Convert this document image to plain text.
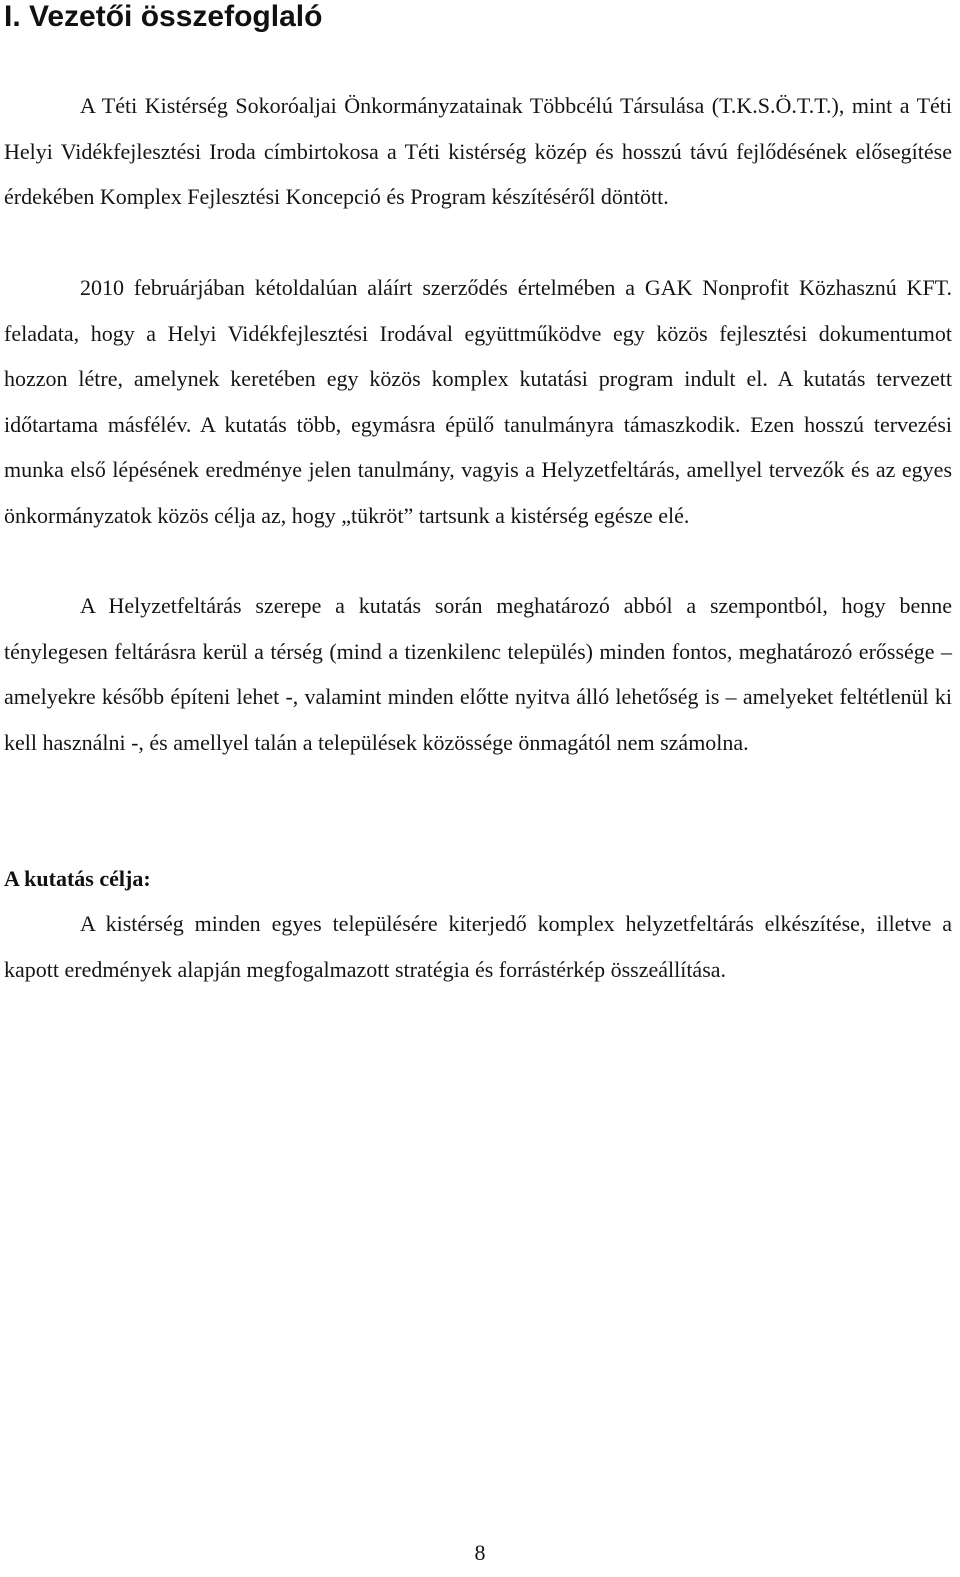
I. Vezetői összefoglaló

A Téti Kistérség Sokoróaljai Önkormányzatainak Többcélú Társulása (T.K.S.Ö.T.T.), mint a Téti Helyi Vidékfejlesztési Iroda címbirtokosa a Téti kistérség közép és hosszú távú fejlődésének elősegítése érdekében Komplex Fejlesztési Koncepció és Program készítéséről döntött.

2010 februárjában kétoldalúan aláírt szerződés értelmében a GAK Nonprofit Közhasznú KFT. feladata, hogy a Helyi Vidékfejlesztési Irodával együttműködve egy közös fejlesztési dokumentumot hozzon létre, amelynek keretében egy közös komplex kutatási program indult el. A kutatás tervezett időtartama másfélév. A kutatás több, egymásra épülő tanulmányra támaszkodik. Ezen hosszú tervezési munka első lépésének eredménye jelen tanulmány, vagyis a Helyzetfeltárás, amellyel tervezők és az egyes önkormányzatok közös célja az, hogy „tükröt” tartsunk a kistérség egésze elé.

A Helyzetfeltárás szerepe a kutatás során meghatározó abból a szempontból, hogy benne ténylegesen feltárásra kerül a térség (mind a tizenkilenc település) minden fontos, meghatározó erőssége – amelyekre később építeni lehet -, valamint minden előtte nyitva álló lehetőség is – amelyeket feltétlenül ki kell használni -, és amellyel talán a települések közössége önmagától nem számolna.

A kutatás célja:

A kistérség minden egyes településére kiterjedő komplex helyzetfeltárás elkészítése, illetve a kapott eredmények alapján megfogalmazott stratégia és forrástérkép összeállítása.

8
